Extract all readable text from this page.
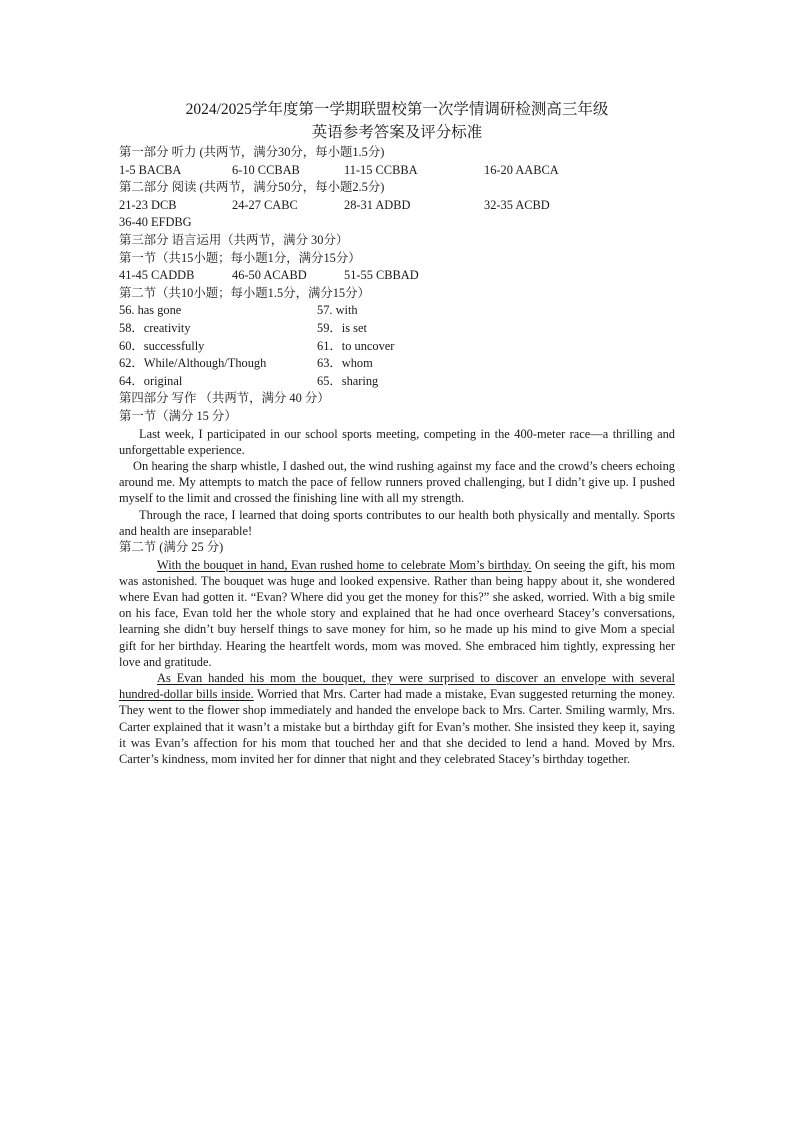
2024/2025学年度第一学期联盟校第一次学情调研检测高三年级
英语参考答案及评分标准
第一部分 听力 (共两节，满分30分，每小题1.5分)
1-5 BACBA	6-10 CCBAB	11-15 CCBBA	16-20 AABCA
第二部分 阅读 (共两节，满分50分，每小题2.5分)
21-23 DCB	24-27 CABC	28-31 ADBD	32-35 ACBD
36-40 EFDBG
第三部分 语言运用（共两节，满分 30分）
第一节（共15小题；每小题1分，满分15分）
41-45 CADDB	46-50 ACABD	51-55 CBBAD
第二节（共10小题；每小题1.5分，满分15分）
56. has gone	57. with
58．creativity	59．is set
60．successfully	61．to uncover
62．While/Although/Though	63．whom
64．original	65．sharing
第四部分 写作 （共两节，满分 40 分）
第一节（满分 15 分）

Last week, I participated in our school sports meeting, competing in the 400-meter race—a thrilling and unforgettable experience.

On hearing the sharp whistle, I dashed out, the wind rushing against my face and the crowd’s cheers echoing around me. My attempts to match the pace of fellow runners proved challenging, but I didn’t give up. I pushed myself to the limit and crossed the finishing line with all my strength.

Through the race, I learned that doing sports contributes to our health both physically and mentally. Sports and health are inseparable!

第二节 (满分 25 分)

With the bouquet in hand, Evan rushed home to celebrate Mom’s birthday. On seeing the gift, his mom was astonished. The bouquet was huge and looked expensive. Rather than being happy about it, she wondered where Evan had gotten it. “Evan? Where did you get the money for this?” she asked, worried. With a big smile on his face, Evan told her the whole story and explained that he had once overheard Stacey’s conversations, learning she didn’t buy herself things to save money for him, so he made up his mind to give Mom a special gift for her birthday. Hearing the heartfelt words, mom was moved. She embraced him tightly, expressing her love and gratitude.

As Evan handed his mom the bouquet, they were surprised to discover an envelope with several hundred-dollar bills inside. Worried that Mrs. Carter had made a mistake, Evan suggested returning the money. They went to the flower shop immediately and handed the envelope back to Mrs. Carter. Smiling warmly, Mrs. Carter explained that it wasn’t a mistake but a birthday gift for Evan’s mother. She insisted they keep it, saying it was Evan’s affection for his mom that touched her and that she decided to lend a hand. Moved by Mrs. Carter’s kindness, mom invited her for dinner that night and they celebrated Stacey’s birthday together.
